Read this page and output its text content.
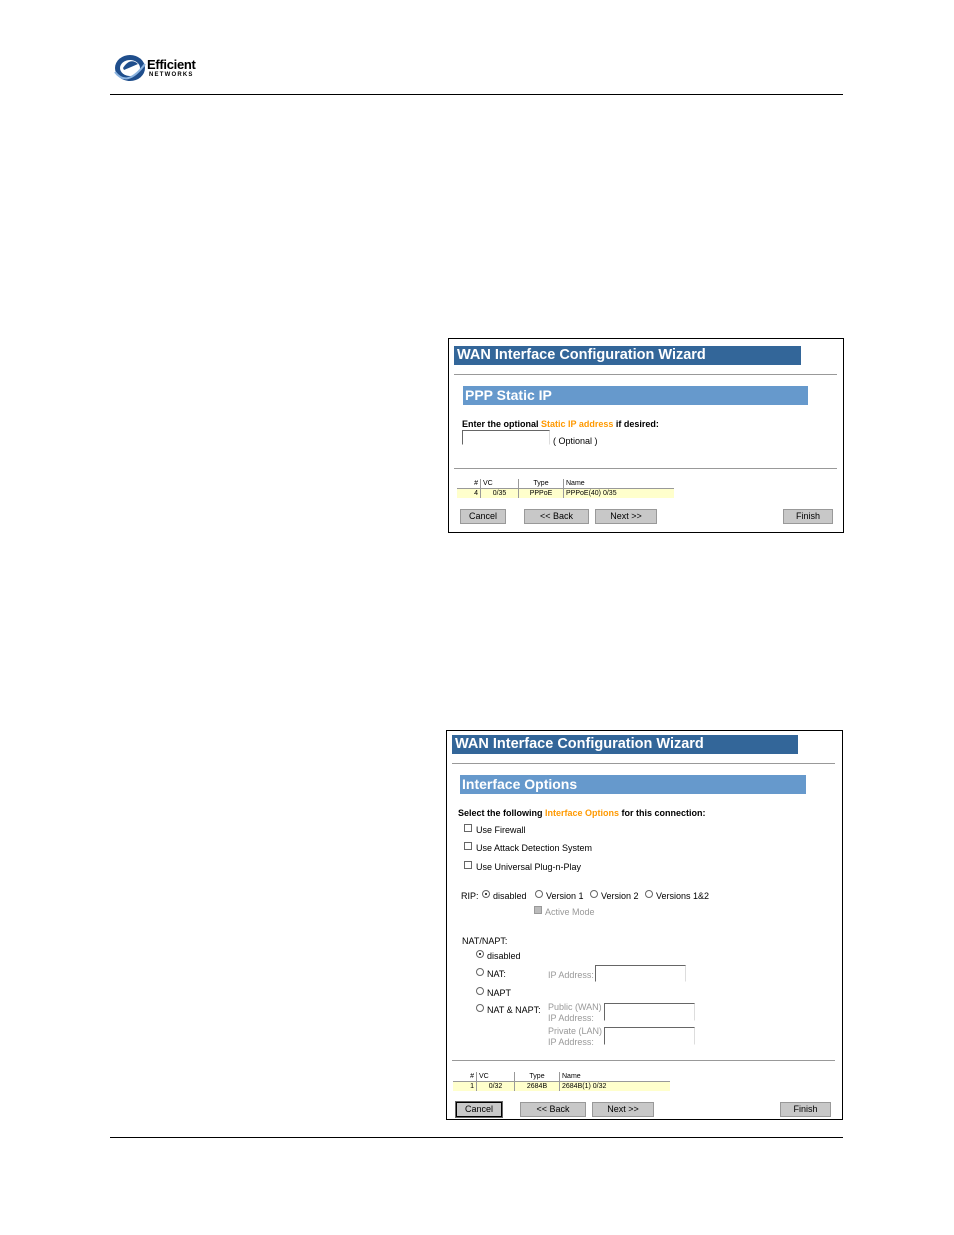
Efficient
NETWORKS
WAN Interface Configuration Wizard
PPP Static IP
Enter the optional Static IP address if desired:
( Optional )
#	VC	Type	Name
4	0/35	PPPoE	PPPoE(40) 0/35
Cancel	<< Back	Next >>	Finish
WAN Interface Configuration Wizard
Interface Options
Select the following Interface Options for this connection:
Use Firewall
Use Attack Detection System
Use Universal Plug-n-Play
RIP: disabled Version 1 Version 2 Versions 1&2
Active Mode
NAT/NAPT:
disabled
NAT:	IP Address:
NAPT
NAT & NAPT: Public (WAN)
IP Address:
Private (LAN)
IP Address:
#	VC	Type	Name
1	0/32	2684B	2684B(1) 0/32
Cancel	<< Back	Next >>	Finish
